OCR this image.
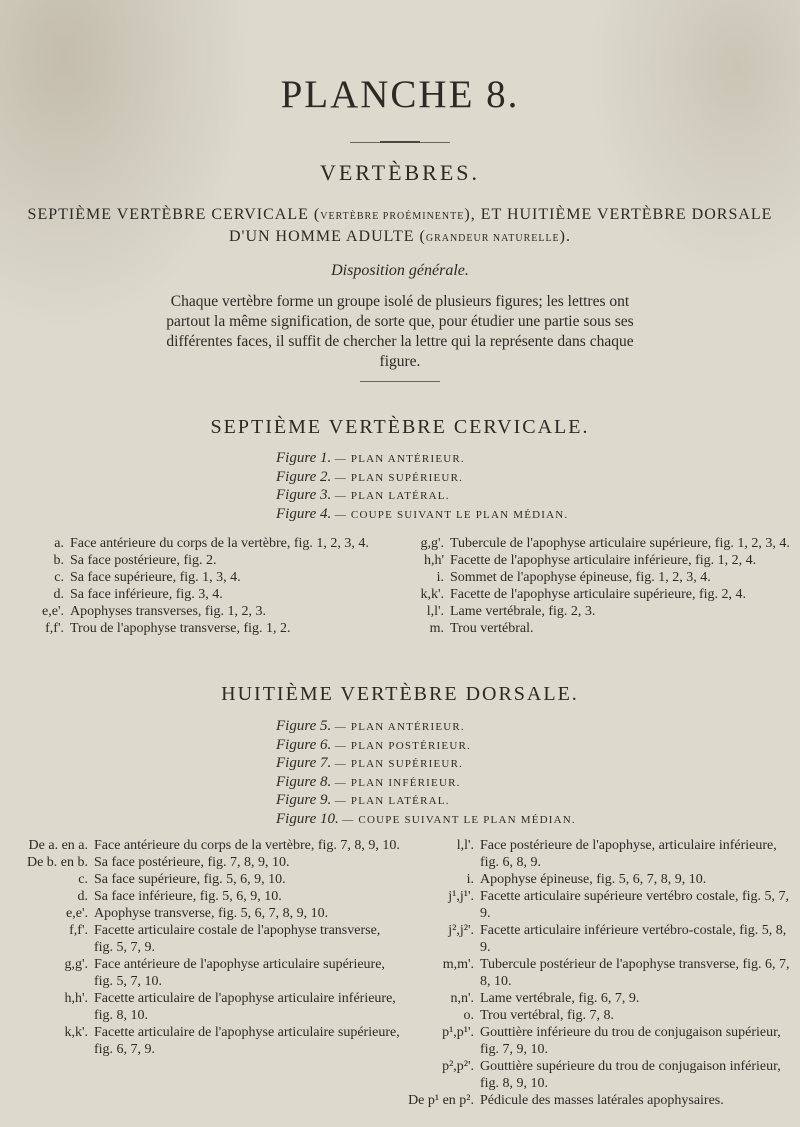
PLANCHE 8.
VERTÈBRES.
SEPTIÈME VERTÈBRE CERVICALE (VERTÈBRE PROÉMINENTE), ET HUITIÈME VERTÈBRE DORSALE
D'UN HOMME ADULTE (GRANDEUR NATURELLE).
Disposition générale.
Chaque vertèbre forme un groupe isolé de plusieurs figures; les lettres ont partout la même signification, de sorte que, pour étudier une partie sous ses différentes faces, il suffit de chercher la lettre qui la représente dans chaque figure.
SEPTIÈME VERTÈBRE CERVICALE.
Figure 1. — PLAN ANTÉRIEUR.
Figure 2. — PLAN SUPÉRIEUR.
Figure 3. — PLAN LATÉRAL.
Figure 4. — COUPE SUIVANT LE PLAN MÉDIAN.
a. Face antérieure du corps de la vertèbre, fig. 1, 2, 3, 4.
b. Sa face postérieure, fig. 2.
c. Sa face supérieure, fig. 1, 3, 4.
d. Sa face inférieure, fig. 3, 4.
e,e'. Apophyses transverses, fig. 1, 2, 3.
f,f'. Trou de l'apophyse transverse, fig. 1, 2.
g,g'. Tubercule de l'apophyse articulaire supérieure, fig. 1, 2, 3, 4.
h,h' Facette de l'apophyse articulaire inférieure, fig. 1, 2, 4.
i. Sommet de l'apophyse épineuse, fig. 1, 2, 3, 4.
k,k'. Facette de l'apophyse articulaire supérieure, fig. 2, 4.
l,l'. Lame vertébrale, fig. 2, 3.
m. Trou vertébral.
HUITIÈME VERTÈBRE DORSALE.
Figure 5. — PLAN ANTÉRIEUR.
Figure 6. — PLAN POSTÉRIEUR.
Figure 7. — PLAN SUPÉRIEUR.
Figure 8. — PLAN INFÉRIEUR.
Figure 9. — PLAN LATÉRAL.
Figure 10. — COUPE SUIVANT LE PLAN MÉDIAN.
De a. en a. Face antérieure du corps de la vertèbre, fig. 7, 8, 9, 10.
De b. en b. Sa face postérieure, fig. 7, 8, 9, 10.
c. Sa face supérieure, fig. 5, 6, 9, 10.
d. Sa face inférieure, fig. 5, 6, 9, 10.
e,e'. Apophyse transverse, fig. 5, 6, 7, 8, 9, 10.
f,f'. Facette articulaire costale de l'apophyse transverse, fig. 5, 7, 9.
g,g'. Face antérieure de l'apophyse articulaire supérieure, fig. 5, 7, 10.
h,h'. Facette articulaire de l'apophyse articulaire inférieure, fig. 8, 10.
k,k'. Facette articulaire de l'apophyse articulaire supérieure, fig. 6, 7, 9.
l,l'. Face postérieure de l'apophyse, articulaire inférieure, fig. 6, 8, 9.
i. Apophyse épineuse, fig. 5, 6, 7, 8, 9, 10.
j¹,j¹'. Facette articulaire supérieure vertébro costale, fig. 5, 7, 9.
j²,j²'. Facette articulaire inférieure vertébro-costale, fig. 5, 8, 9.
m,m'. Tubercule postérieur de l'apophyse transverse, fig. 6, 7, 8, 10.
n,n'. Lame vertébrale, fig. 6, 7, 9.
o. Trou vertébral, fig. 7, 8.
p¹,p¹'. Gouttière inférieure du trou de conjugaison supérieur, fig. 7, 9, 10.
p²,p²'. Gouttière supérieure du trou de conjugaison inférieur, fig. 8, 9, 10.
De p¹ en p². Pédicule des masses latérales apophysaires.
